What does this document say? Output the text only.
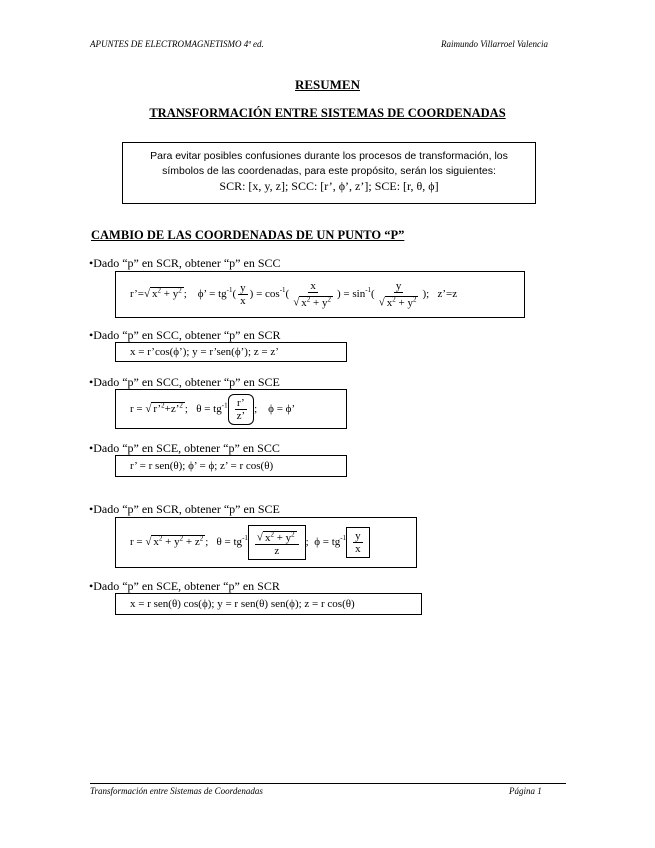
APUNTES DE ELECTROMAGNETISMO 4ª ed.	Raimundo Villarroel Valencia
RESUMEN
TRANSFORMACIÓN ENTRE SISTEMAS DE COORDENADAS
Para evitar posibles confusiones durante los procesos de transformación, los
símbolos de las coordenadas, para este propósito, serán los siguientes:
SCR: [x, y, z]; SCC: [r’, ϕ’, z’]; SCE: [r, θ, ϕ]
CAMBIO DE LAS COORDENADAS DE UN PUNTO “P”
•Dado “p” en SCR, obtener “p” en SCC
r’=√ $x^2 + y^2$ ;    ϕ’ = $tg^{-1}( \frac{y}{x}$ ) = $\cos^{-1}( \frac{x}{√ x^2 + y^2}$ ) = $\sin^{-1}( \frac{y}{√ x^2 + y^2}$ );   z’=z
•Dado “p” en SCC, obtener “p” en SCR
x = r’cos(ϕ’); y = r’sen(ϕ’); z = z’
•Dado “p” en SCC, obtener “p” en SCE
r = √ r’$^2$+z’$^2$ ;   $\theta = tg^{-1} \frac{r’}{z’}$ ;    ϕ = ϕ’
•Dado “p” en SCE, obtener “p” en SCC
r’ = r sen(θ); ϕ’ = ϕ; z’ = r cos(θ)
•Dado “p” en SCR, obtener “p” en SCE
r = √ $x^2 + y^2 + z^2$ ;   $\theta = tg^{-1} \frac{√ x^2 + y^2}{z}$ ;  $\phi = tg^{-1} \frac{y}{x}$
•Dado “p” en SCE, obtener “p” en SCR
x = r sen(θ) cos(ϕ); y = r sen(θ) sen(ϕ); z = r cos(θ)
Transformación entre Sistemas de Coordenadas	Página 1
